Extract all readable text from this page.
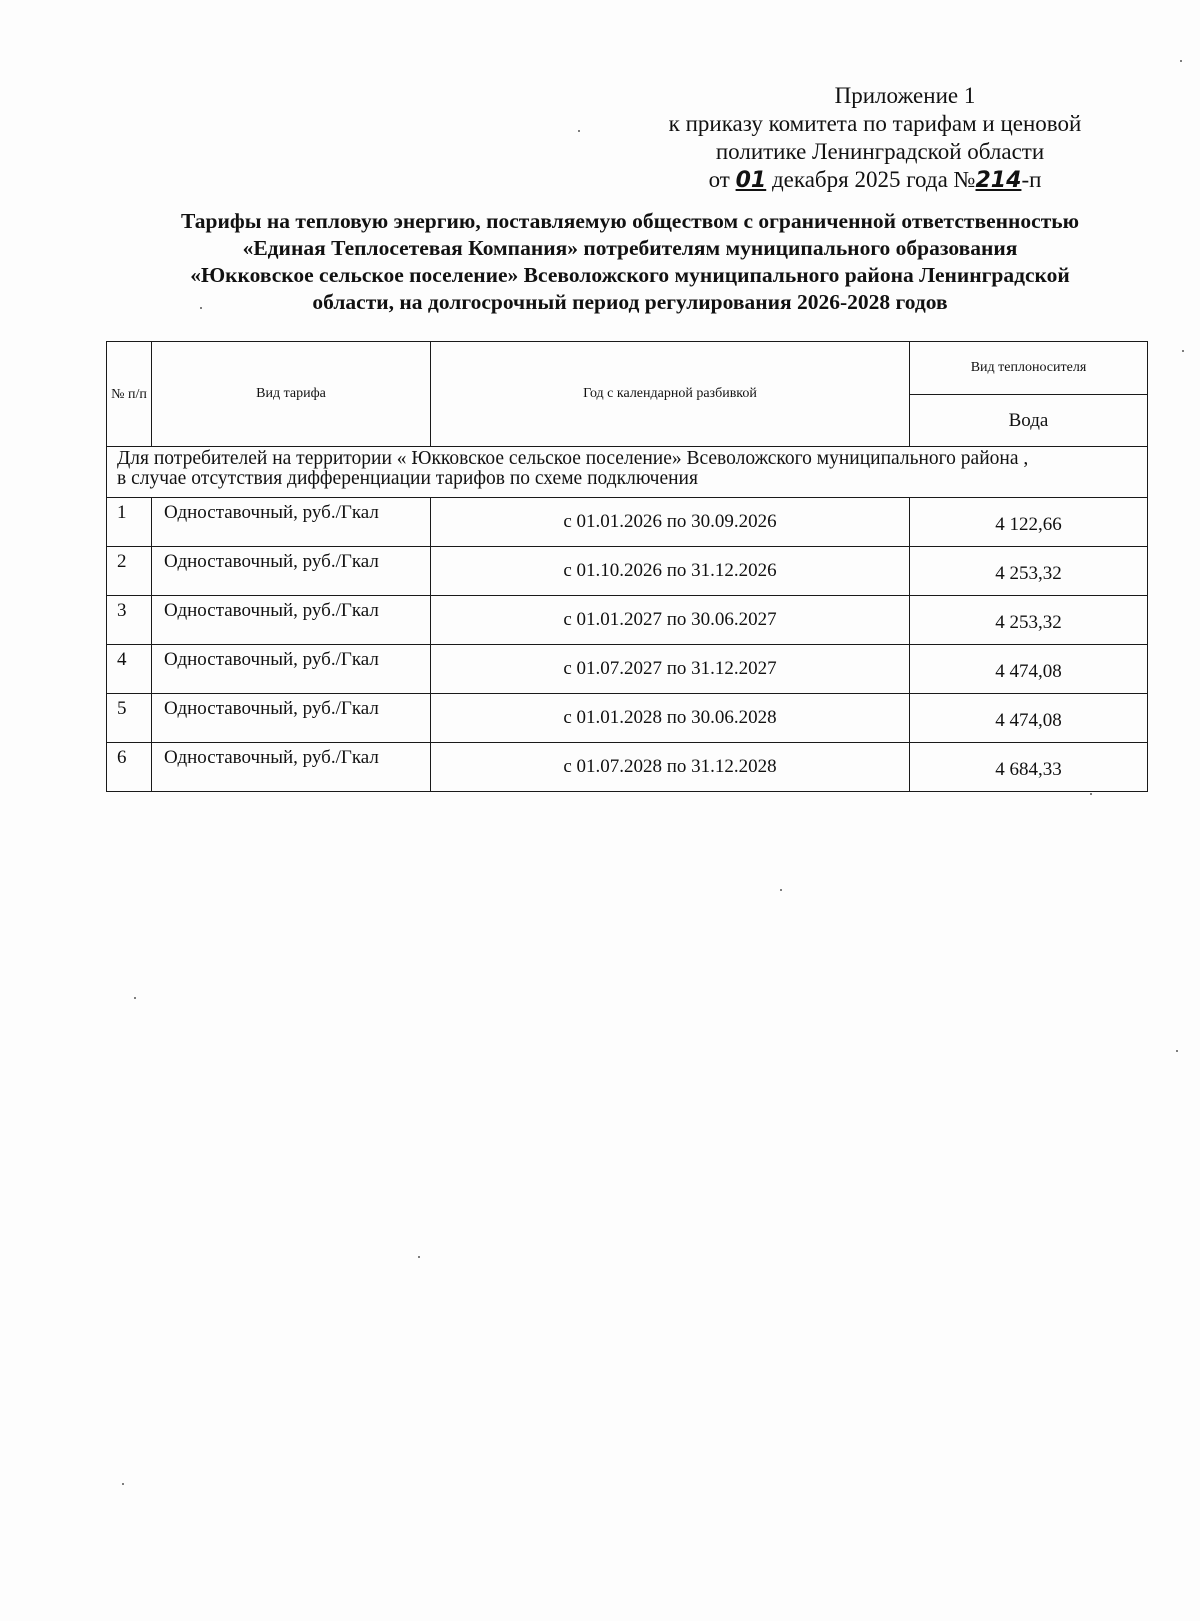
Приложение 1
к приказу комитета по тарифам и ценовой
политике Ленинградской области
от 01 декабря 2025 года №214-п
Тарифы на тепловую энергию, поставляемую обществом с ограниченной ответственностью
«Единая Теплосетевая Компания» потребителям муниципального образования
«Юкковское сельское поселение» Всеволожского муниципального района Ленинградской
области, на долгосрочный период регулирования 2026-2028 годов
№ п/п	Вид тарифа	Год с календарной разбивкой	Вид теплоносителя
			Вода

Для потребителей на территории « Юкковское сельское поселение» Всеволожского муниципального района ,
в случае отсутствия дифференциации тарифов по схеме подключения			

1	Одноставочный, руб./Гкал	с 01.01.2026 по 30.09.2026	4 122,66
2	Одноставочный, руб./Гкал	с 01.10.2026 по 31.12.2026	4 253,32
3	Одноставочный, руб./Гкал	с 01.01.2027 по 30.06.2027	4 253,32
4	Одноставочный, руб./Гкал	с 01.07.2027 по 31.12.2027	4 474,08
5	Одноставочный, руб./Гкал	с 01.01.2028 по 30.06.2028	4 474,08
6	Одноставочный, руб./Гкал	с 01.07.2028 по 31.12.2028	4 684,33
